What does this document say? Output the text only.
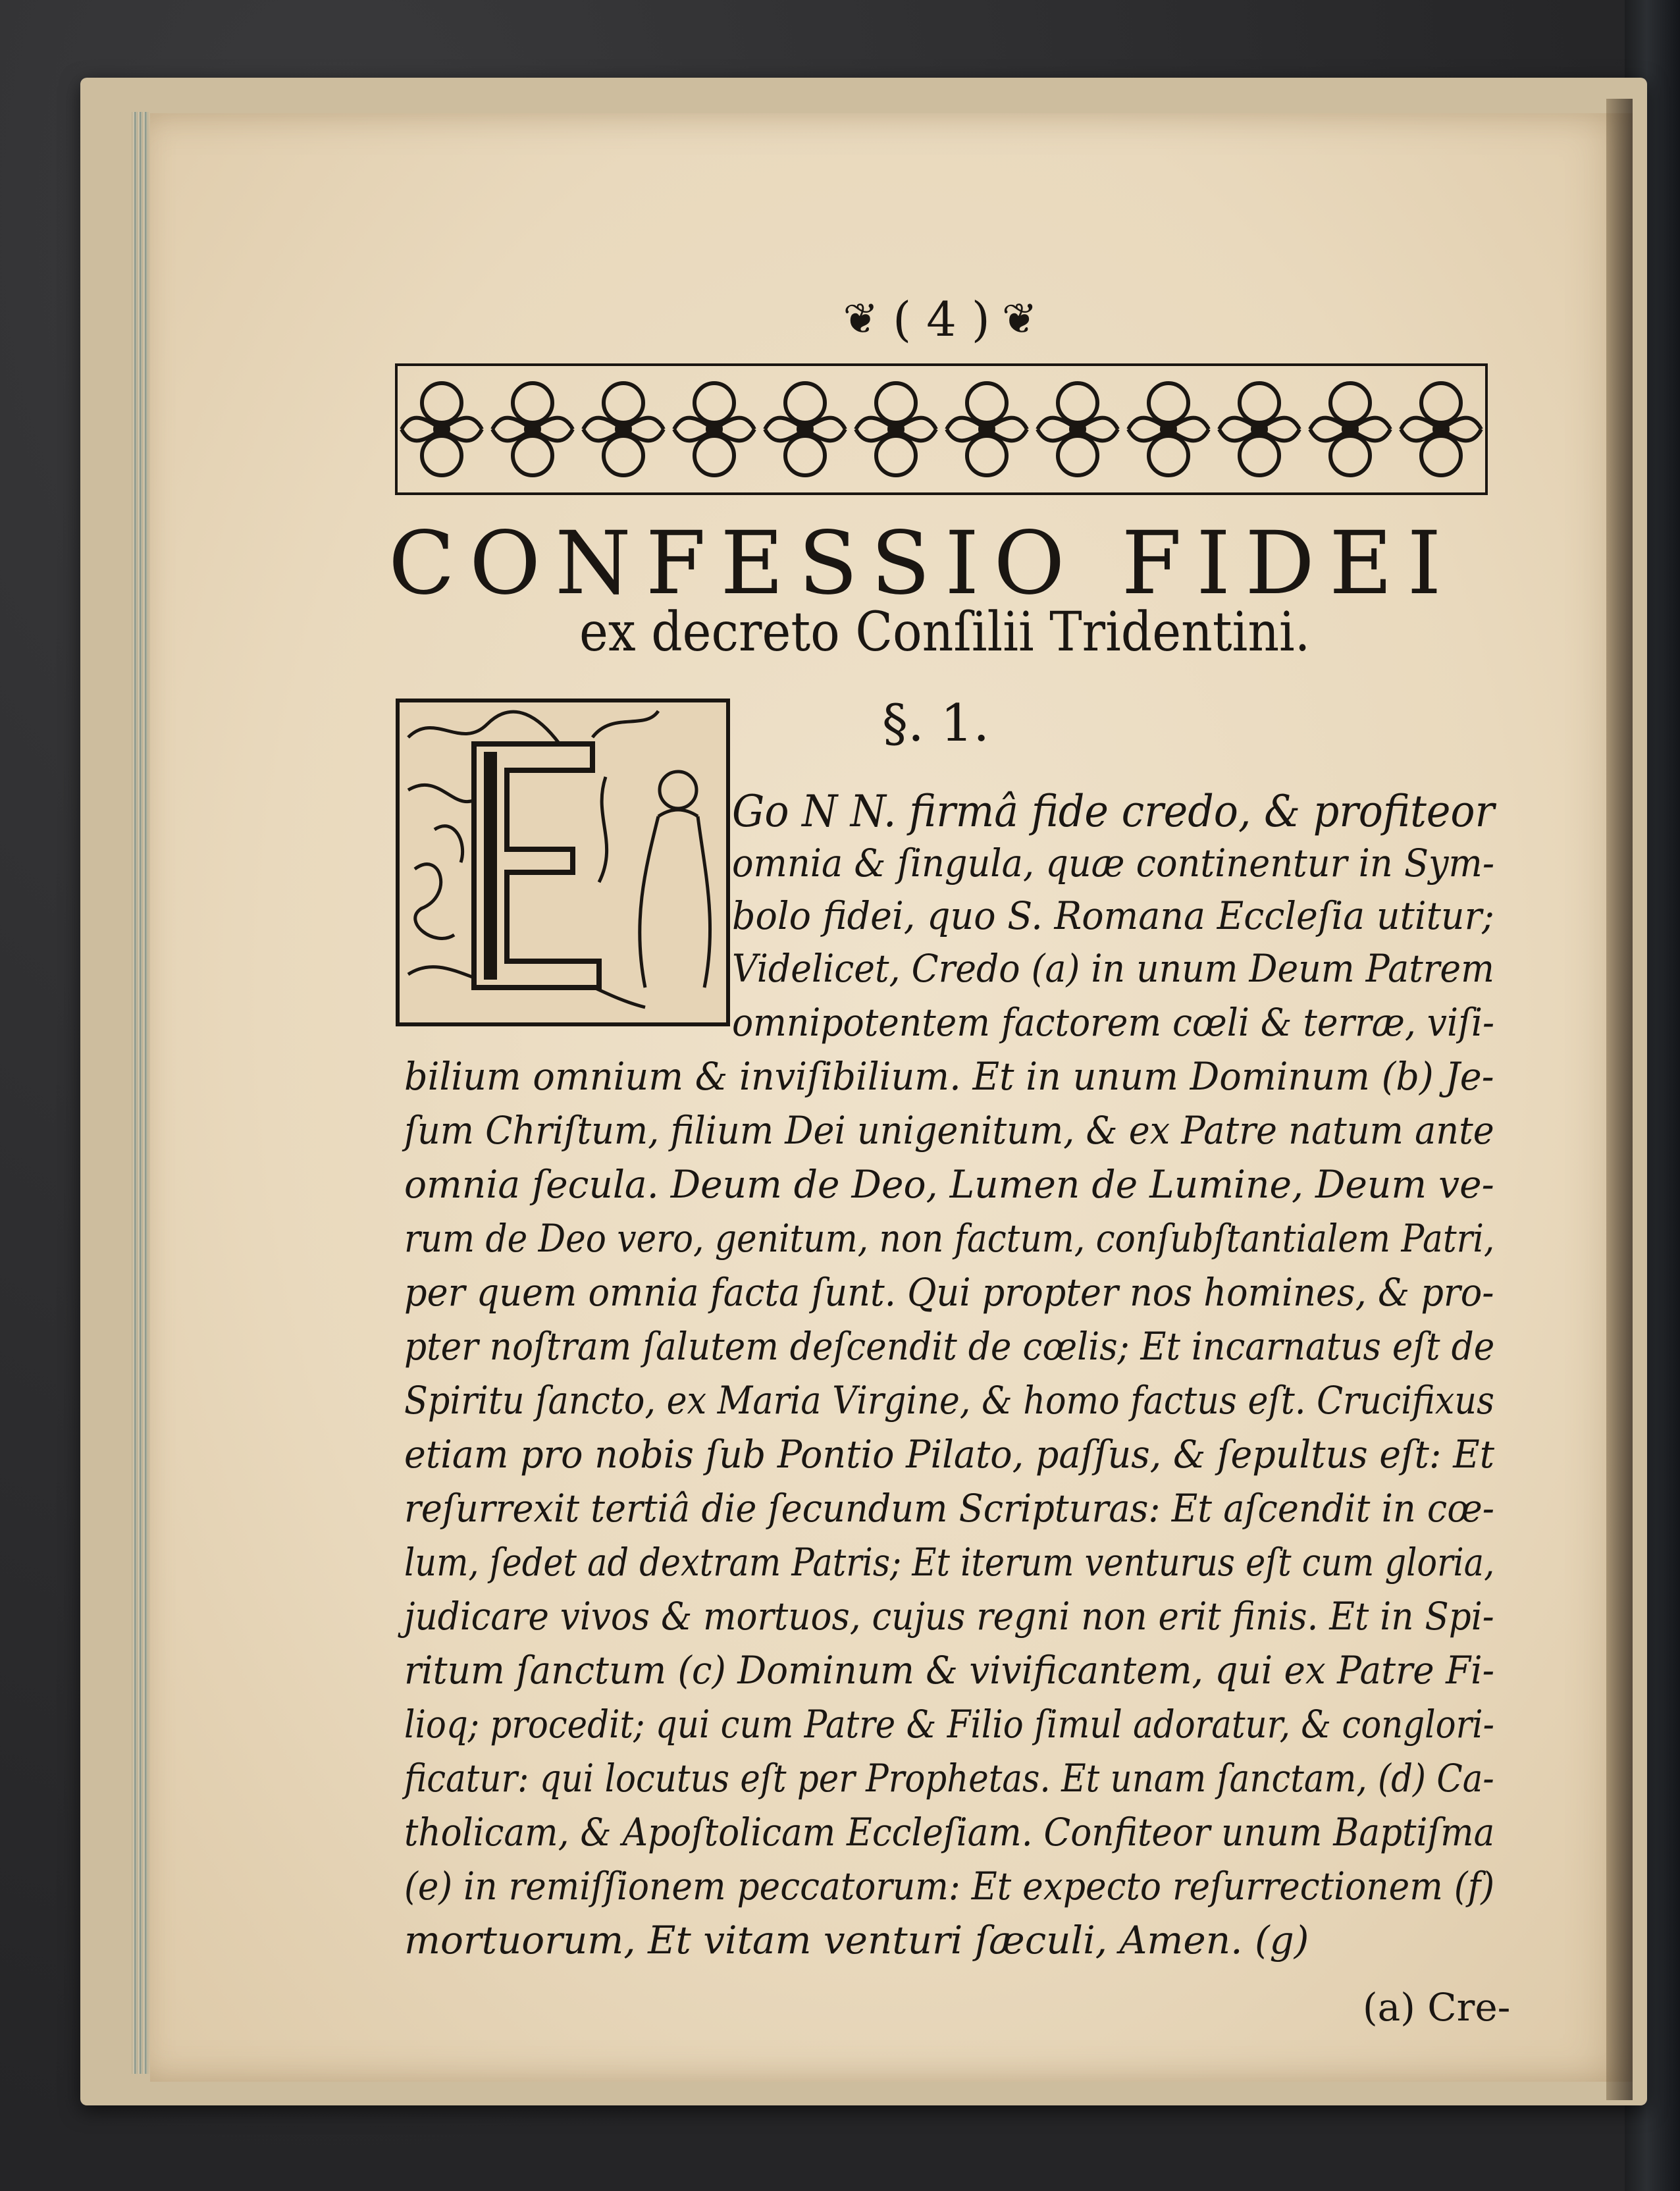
❦ ( 4 ) ❦
CONFESSIO FIDEI
ex decreto Conſilii Tridentini.
§. 1.
Go N N. firmâ fide credo, & profiteor
omnia & ſingula, quæ continentur in Sym-
bolo fidei, quo S. Romana Eccleſia utitur;
Videlicet, Credo (a) in unum Deum Patrem
omnipotentem factorem cœli & terræ, viſi-
bilium omnium & inviſibilium. Et in unum Dominum (b) Je-
ſum Chriſtum, filium Dei unigenitum, & ex Patre natum ante
omnia ſecula. Deum de Deo, Lumen de Lumine, Deum ve-
rum de Deo vero, genitum, non factum, conſubſtantialem Patri,
per quem omnia facta ſunt. Qui propter nos homines, & pro-
pter noſtram ſalutem deſcendit de cœlis; Et incarnatus eſt de
Spiritu ſancto, ex Maria Virgine, & homo factus eſt. Crucifixus
etiam pro nobis ſub Pontio Pilato, paſſus, & ſepultus eſt: Et
reſurrexit tertiâ die ſecundum Scripturas: Et aſcendit in cœ-
lum, ſedet ad dextram Patris; Et iterum venturus eſt cum gloria,
judicare vivos & mortuos, cujus regni non erit finis. Et in Spi-
ritum ſanctum (c) Dominum & vivificantem, qui ex Patre Fi-
lioq; procedit; qui cum Patre & Filio ſimul adoratur, & conglori-
ficatur: qui locutus eſt per Prophetas. Et unam ſanctam, (d) Ca-
tholicam, & Apoſtolicam Eccleſiam. Confiteor unum Baptiſma
(e) in remiſſionem peccatorum: Et expecto reſurrectionem (f)
mortuorum, Et vitam venturi ſæculi, Amen. (g)
(a) Cre-
